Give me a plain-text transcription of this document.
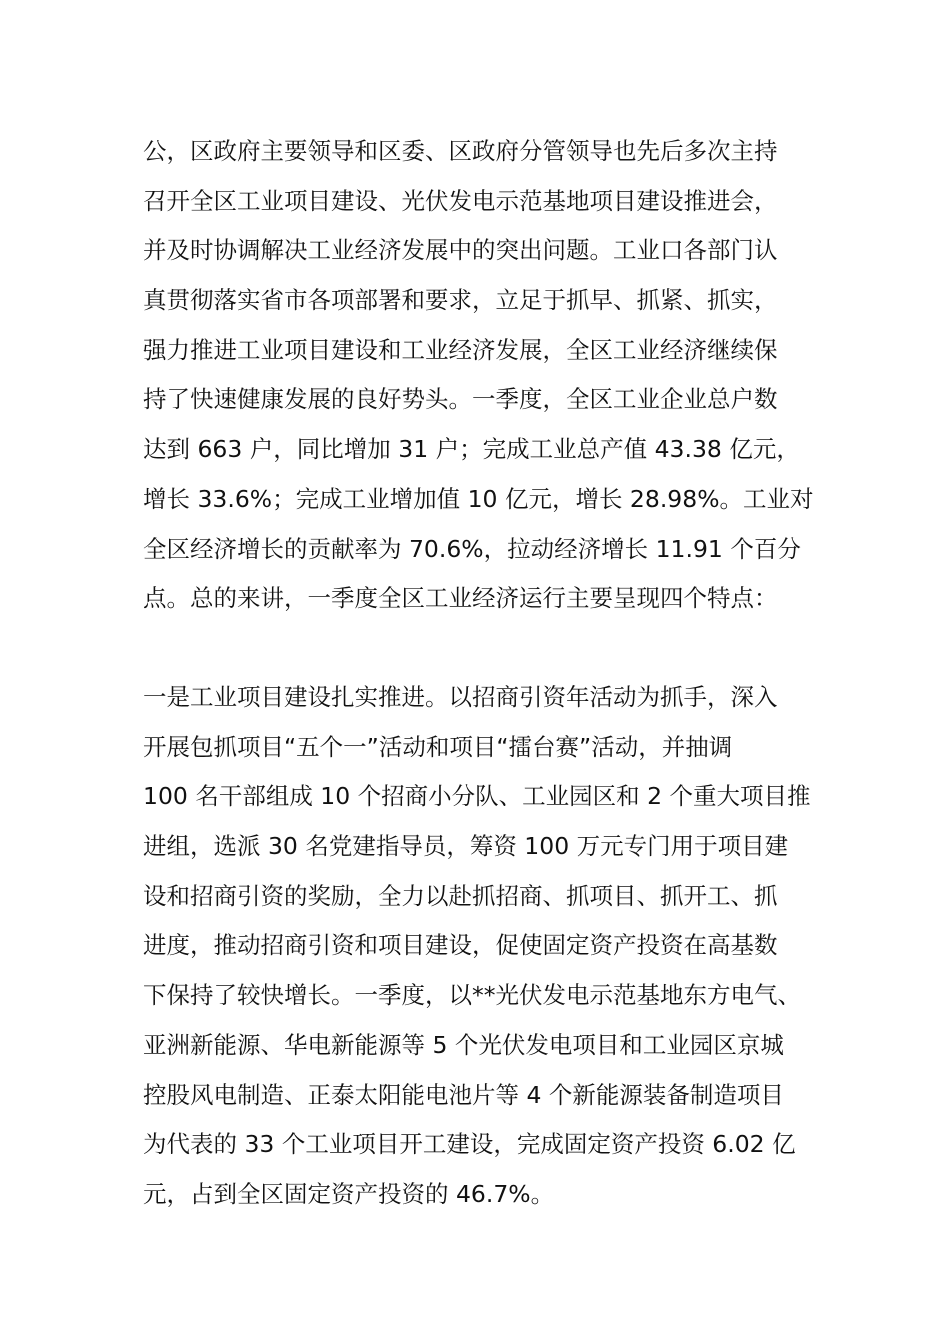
公，区政府主要领导和区委、区政府分管领导也先后多次主持
召开全区工业项目建设、光伏发电示范基地项目建设推进会，
并及时协调解决工业经济发展中的突出问题。工业口各部门认
真贯彻落实省市各项部署和要求，立足于抓早、抓紧、抓实，
强力推进工业项目建设和工业经济发展，全区工业经济继续保
持了快速健康发展的良好势头。一季度，全区工业企业总户数
达到 663 户，同比增加 31 户；完成工业总产值 43.38 亿元，
增长 33.6%；完成工业增加值 10 亿元，增长 28.98%。工业对
全区经济增长的贡献率为 70.6%，拉动经济增长 11.91 个百分
点。总的来讲，一季度全区工业经济运行主要呈现四个特点：
一是工业项目建设扎实推进。以招商引资年活动为抓手，深入
开展包抓项目“五个一”活动和项目“擂台赛”活动，并抽调
100 名干部组成 10 个招商小分队、工业园区和 2 个重大项目推
进组，选派 30 名党建指导员，筹资 100 万元专门用于项目建
设和招商引资的奖励，全力以赴抓招商、抓项目、抓开工、抓
进度，推动招商引资和项目建设，促使固定资产投资在高基数
下保持了较快增长。一季度，以**光伏发电示范基地东方电气、
亚洲新能源、华电新能源等 5 个光伏发电项目和工业园区京城
控股风电制造、正泰太阳能电池片等 4 个新能源装备制造项目
为代表的 33 个工业项目开工建设，完成固定资产投资 6.02 亿
元，占到全区固定资产投资的 46.7%。
